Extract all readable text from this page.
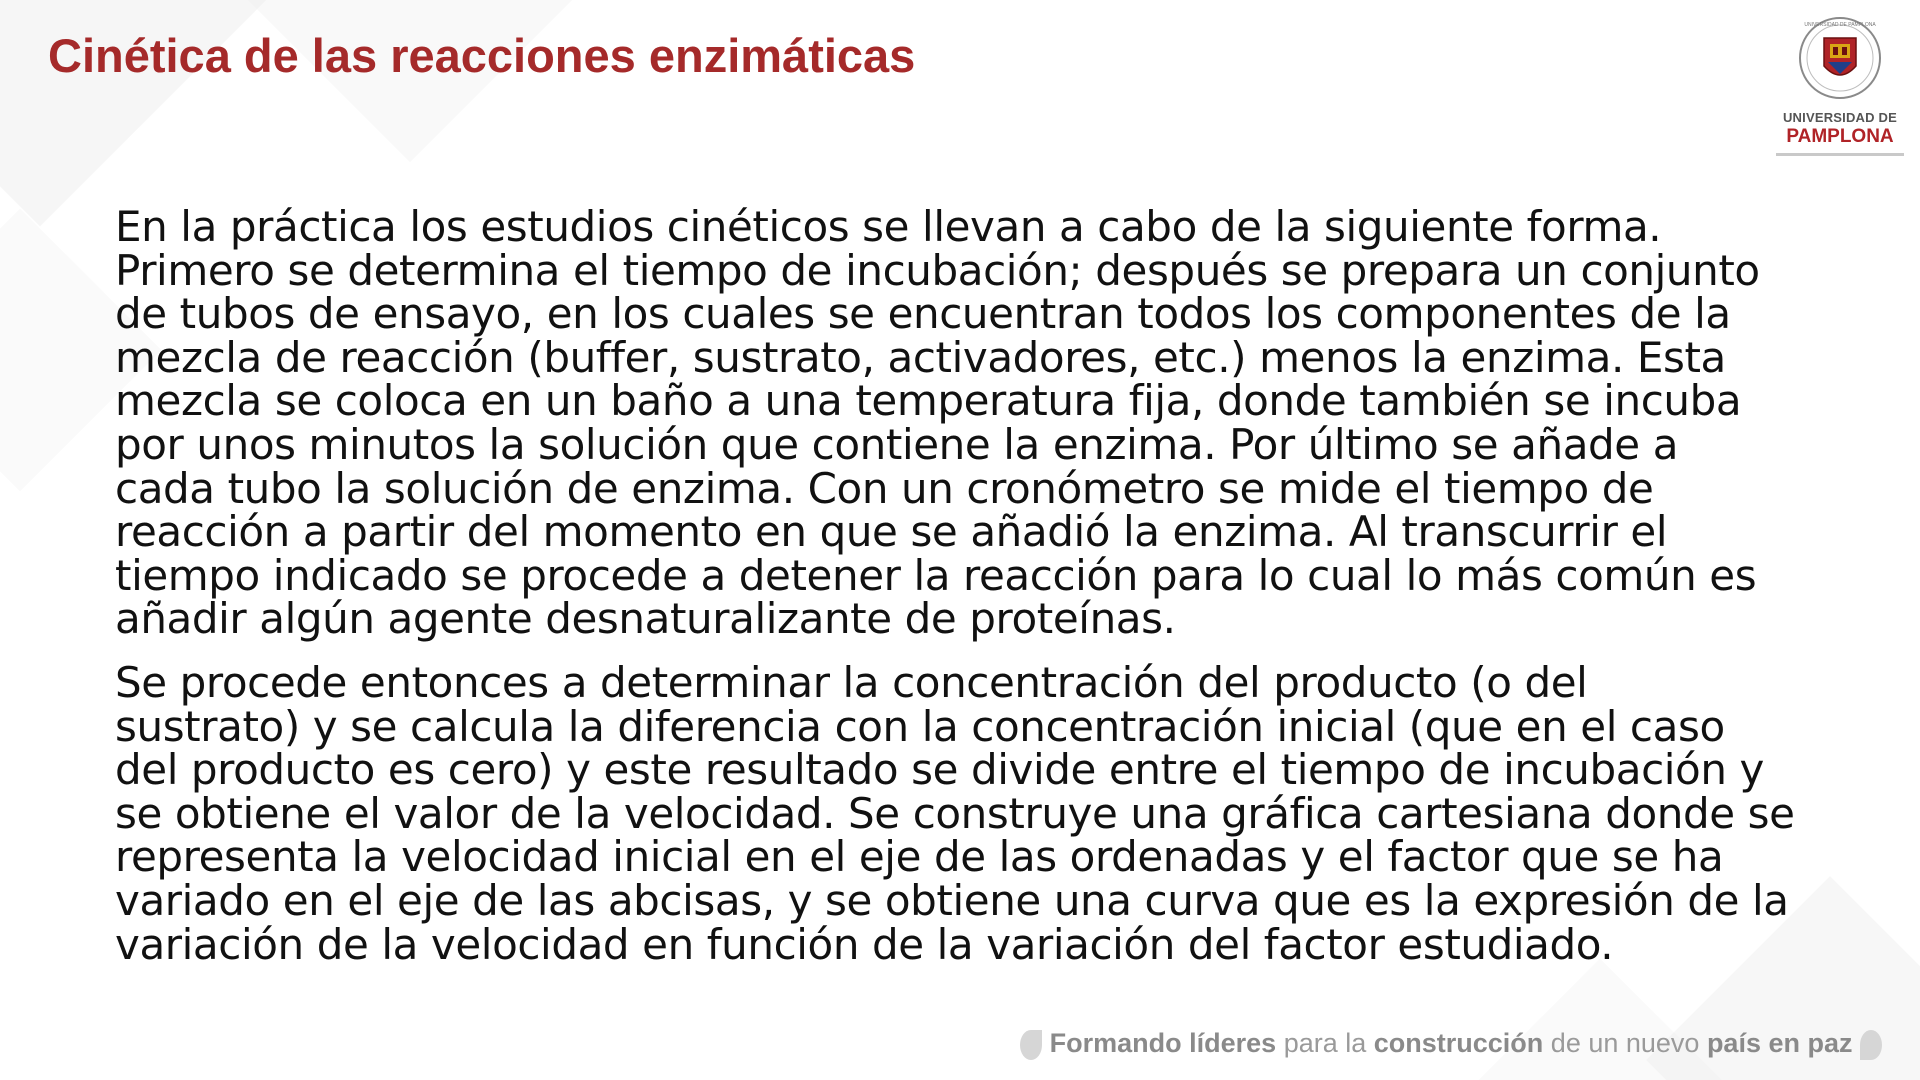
Cinética de las reacciones enzimáticas
UNIVERSIDAD DE PAMPLONA
UNIVERSIDAD DE
PAMPLONA

En la práctica los estudios cinéticos se llevan a cabo de la siguiente forma.
Primero se determina el tiempo de incubación; después se prepara un conjunto
de tubos de ensayo, en los cuales se encuentran todos los componentes de la
mezcla de reacción (buffer, sustrato, activadores, etc.) menos la enzima. Esta
mezcla se coloca en un baño a una temperatura fija, donde también se incuba
por unos minutos la solución que contiene la enzima. Por último se añade a
cada tubo la solución de enzima. Con un cronómetro se mide el tiempo de
reacción a partir del momento en que se añadió la enzima. Al transcurrir el
tiempo indicado se procede a detener la reacción para lo cual lo más común es
añadir algún agente desnaturalizante de proteínas.

Se procede entonces a determinar la concentración del producto (o del
sustrato) y se calcula la diferencia con la concentración inicial (que en el caso
del producto es cero) y este resultado se divide entre el tiempo de incubación y
se obtiene el valor de la velocidad. Se construye una gráfica cartesiana donde se
representa la velocidad inicial en el eje de las ordenadas y el factor que se ha
variado en el eje de las abcisas, y se obtiene una curva que es la expresión de la
variación de la velocidad en función de la variación del factor estudiado.

Formando líderes para la construcción de un nuevo país en paz
